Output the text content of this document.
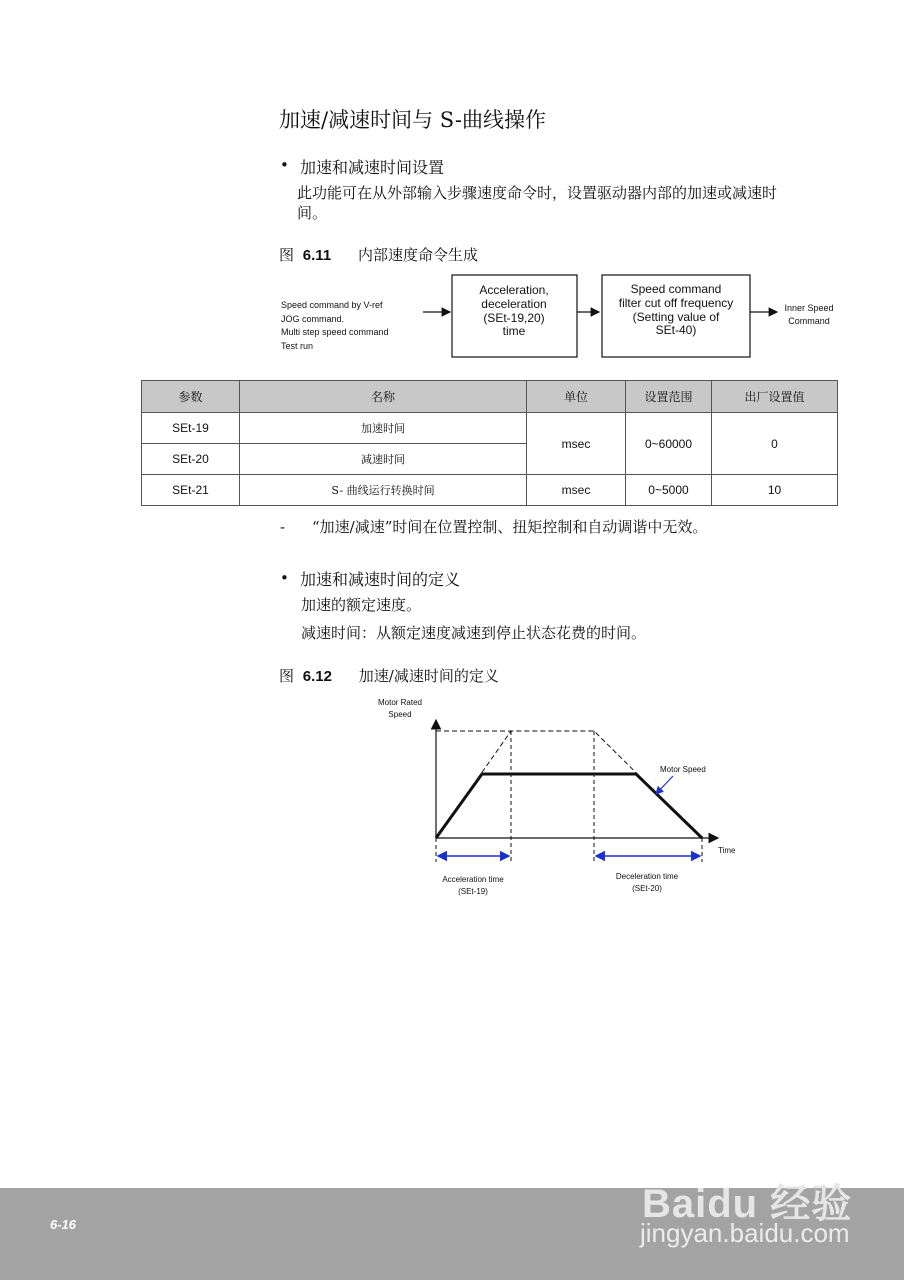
加速/减速时间与 S-曲线操作
• 加速和减速时间设置
此功能可在从外部输入步骤速度命令时，设置驱动器内部的加速或减速时
间。
图 6.11 内部速度命令生成
Speed command by V-ref
JOG command.
Multi step speed command
Test run
Acceleration,
deceleration
(SEt-19,20)
time
Speed command
filter cut off frequency
(Setting value of
SEt-40)
Inner Speed
Command
参数	名称	单位	设置范围	出厂设置值
SEt-19	加速时间	msec	0~60000	0
SEt-20	减速时间			
SEt-21	S- 曲线运行转换时间	msec	0~5000	10
- “加速/减速”时间在位置控制、扭矩控制和自动调谐中无效。
• 加速和减速时间的定义
加速的额定速度。
减速时间：从额定速度减速到停止状态花费的时间。
图 6.12 加速/减速时间的定义
Motor Rated
Speed
Time
Motor Speed
Acceleration time
(SEt-19)
Deceleration time
(SEt-20)
6-16	Baidu 经验
jingyan.baidu.com
